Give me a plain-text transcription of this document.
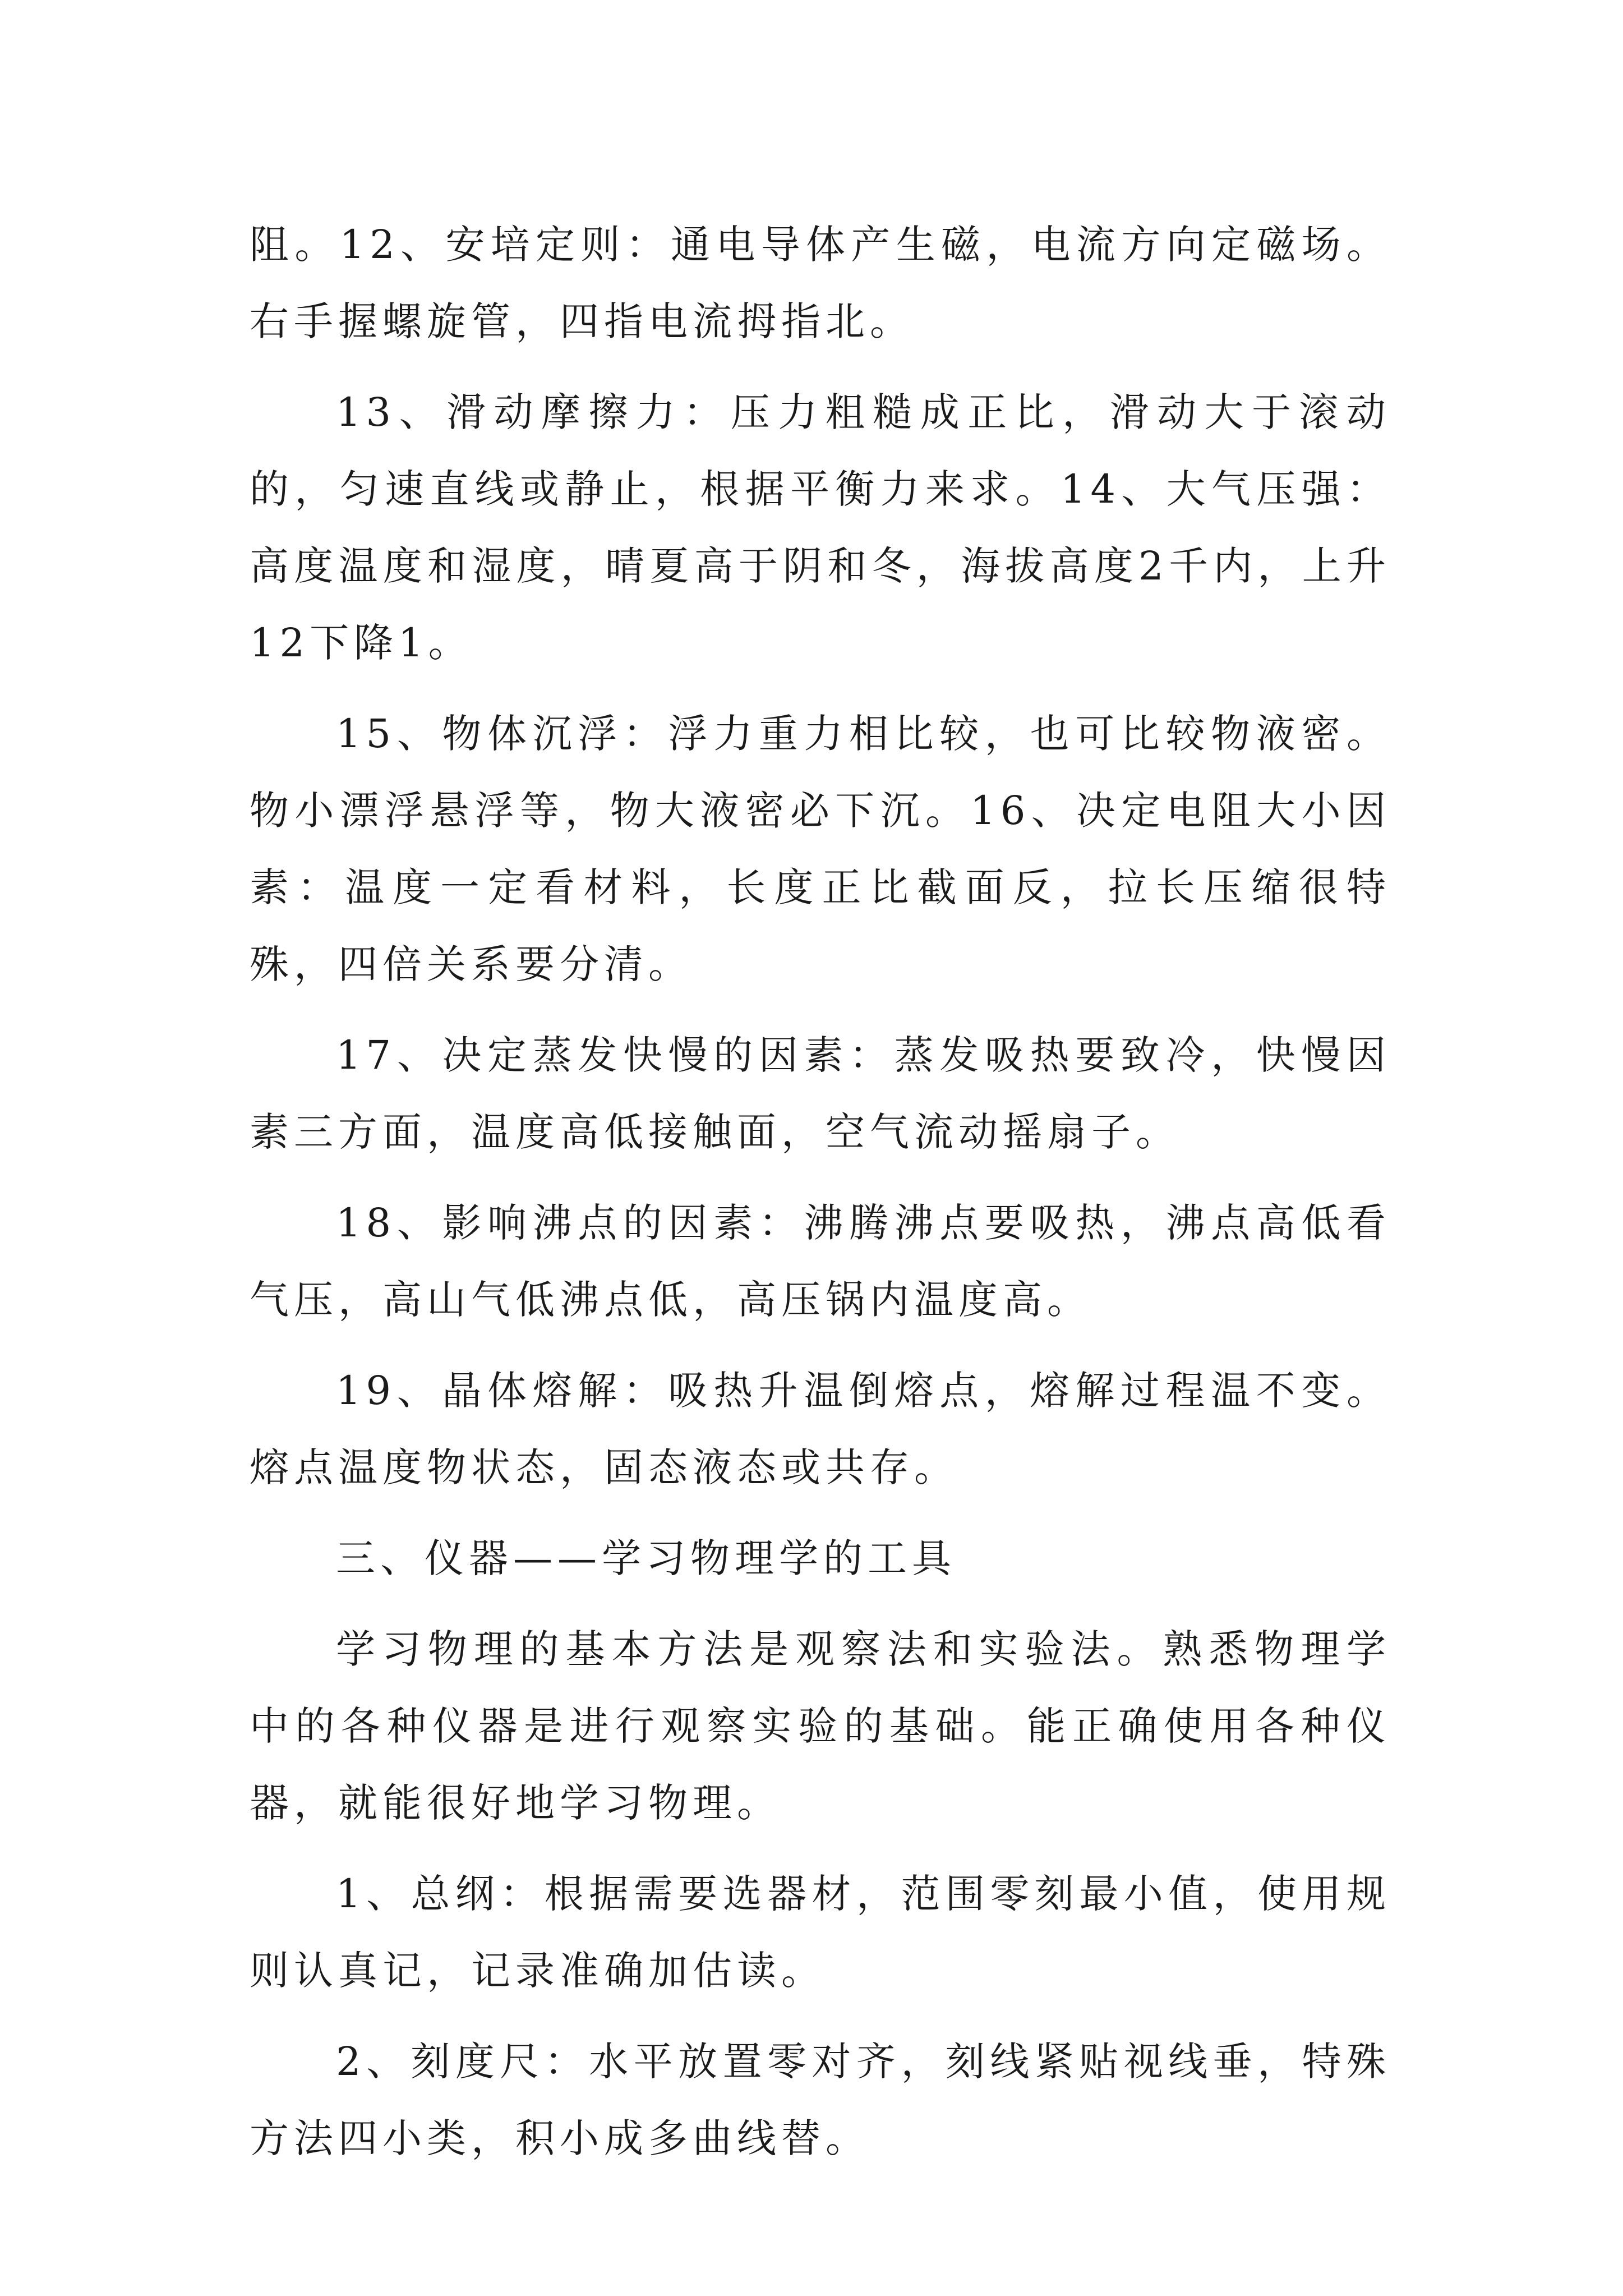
阻。12、安培定则：通电导体产生磁，电流方向定磁场。右手握螺旋管，四指电流拇指北。

13、滑动摩擦力：压力粗糙成正比，滑动大于滚动的，匀速直线或静止，根据平衡力来求。14、大气压强：高度温度和湿度，晴夏高于阴和冬，海拔高度2千内，上升12下降1。

15、物体沉浮：浮力重力相比较，也可比较物液密。物小漂浮悬浮等，物大液密必下沉。16、决定电阻大小因素：温度一定看材料，长度正比截面反，拉长压缩很特殊，四倍关系要分清。

17、决定蒸发快慢的因素：蒸发吸热要致冷，快慢因素三方面，温度高低接触面，空气流动摇扇子。

18、影响沸点的因素：沸腾沸点要吸热，沸点高低看气压，高山气低沸点低，高压锅内温度高。

19、晶体熔解：吸热升温倒熔点，熔解过程温不变。熔点温度物状态，固态液态或共存。

三、仪器——学习物理学的工具

学习物理的基本方法是观察法和实验法。熟悉物理学中的各种仪器是进行观察实验的基础。能正确使用各种仪器，就能很好地学习物理。

1、总纲：根据需要选器材，范围零刻最小值，使用规则认真记，记录准确加估读。

2、刻度尺：水平放置零对齐，刻线紧贴视线垂，特殊方法四小类，积小成多曲线替。
